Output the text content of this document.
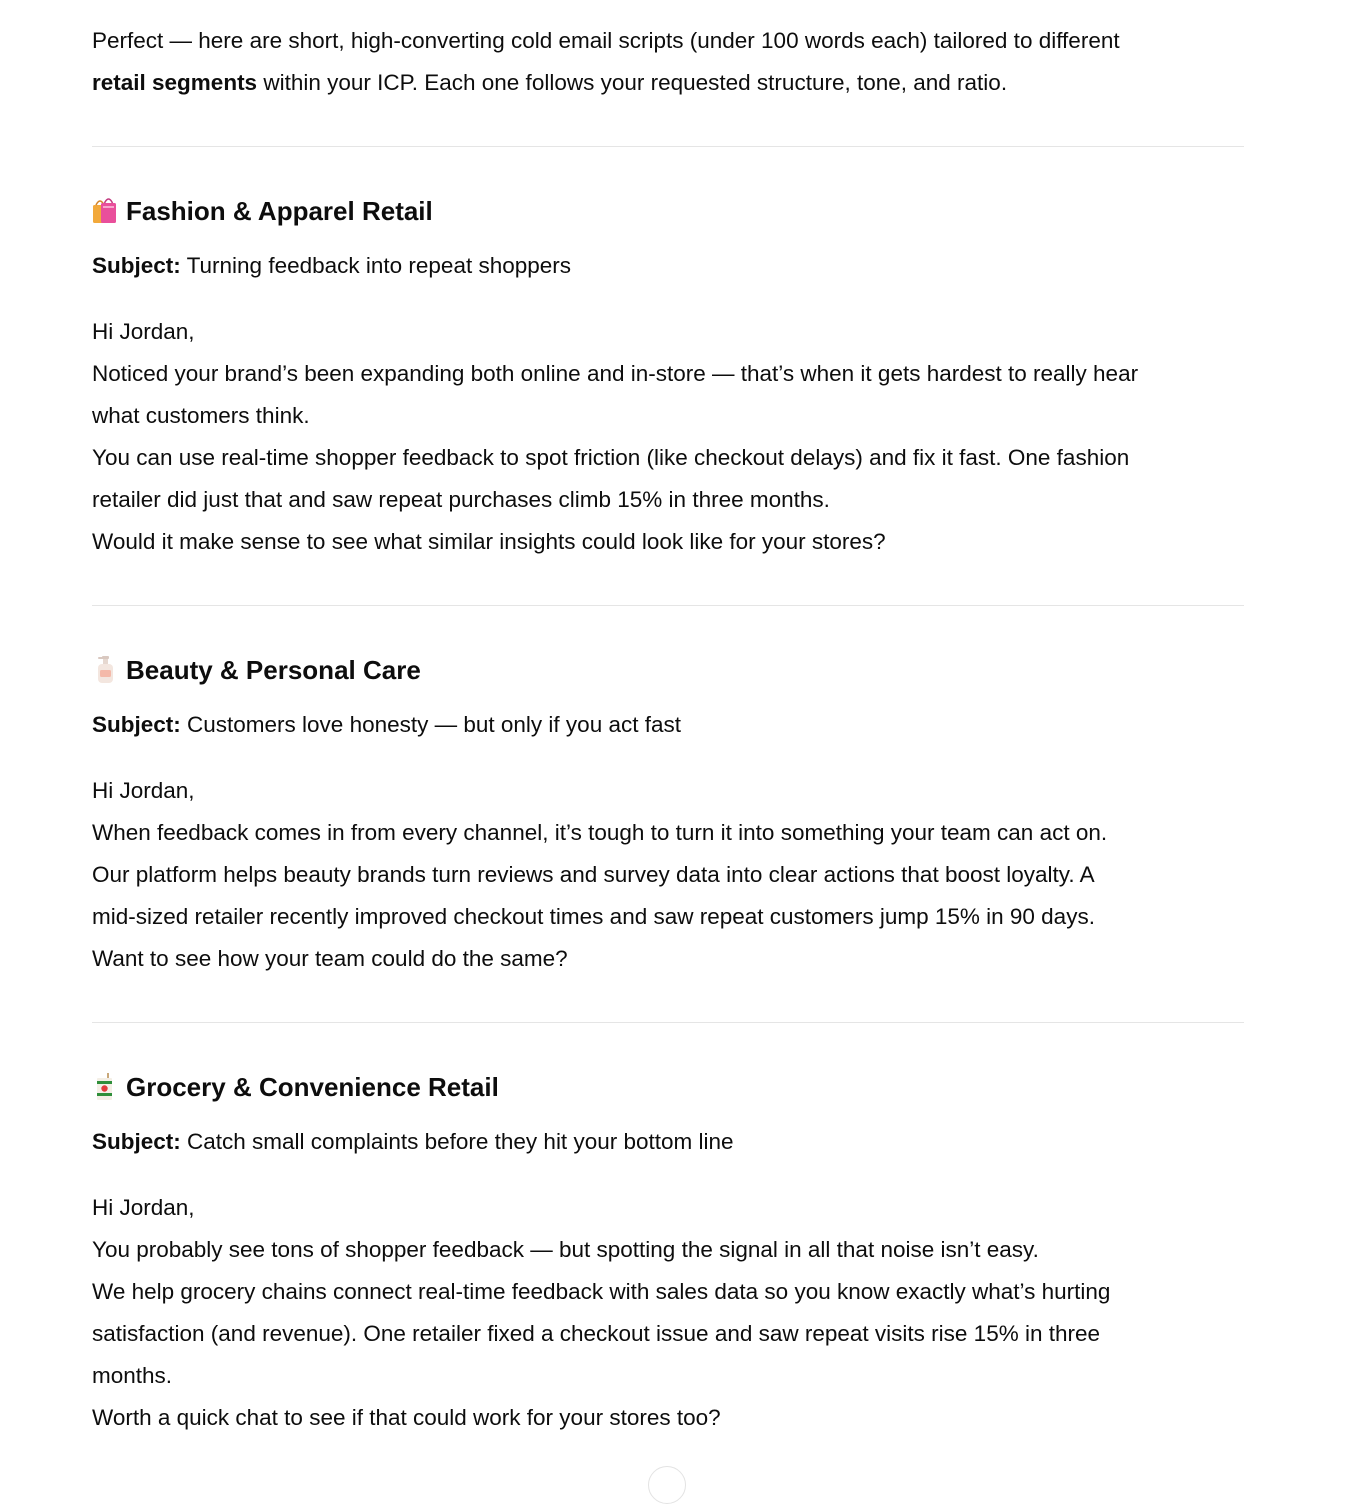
Perfect — here are short, high-converting cold email scripts (under 100 words each) tailored to different
retail segments within your ICP. Each one follows your requested structure, tone, and ratio.
Fashion & Apparel Retail

Subject: Turning feedback into repeat shoppers

Hi Jordan,
Noticed your brand’s been expanding both online and in-store — that’s when it gets hardest to really hear
what customers think.
You can use real-time shopper feedback to spot friction (like checkout delays) and fix it fast. One fashion
retailer did just that and saw repeat purchases climb 15% in three months.
Would it make sense to see what similar insights could look like for your stores?
Beauty & Personal Care

Subject: Customers love honesty — but only if you act fast

Hi Jordan,
When feedback comes in from every channel, it’s tough to turn it into something your team can act on.
Our platform helps beauty brands turn reviews and survey data into clear actions that boost loyalty. A
mid-sized retailer recently improved checkout times and saw repeat customers jump 15% in 90 days.
Want to see how your team could do the same?
Grocery & Convenience Retail

Subject: Catch small complaints before they hit your bottom line

Hi Jordan,
You probably see tons of shopper feedback — but spotting the signal in all that noise isn’t easy.
We help grocery chains connect real-time feedback with sales data so you know exactly what’s hurting
satisfaction (and revenue). One retailer fixed a checkout issue and saw repeat visits rise 15% in three
months.
Worth a quick chat to see if that could work for your stores too?
